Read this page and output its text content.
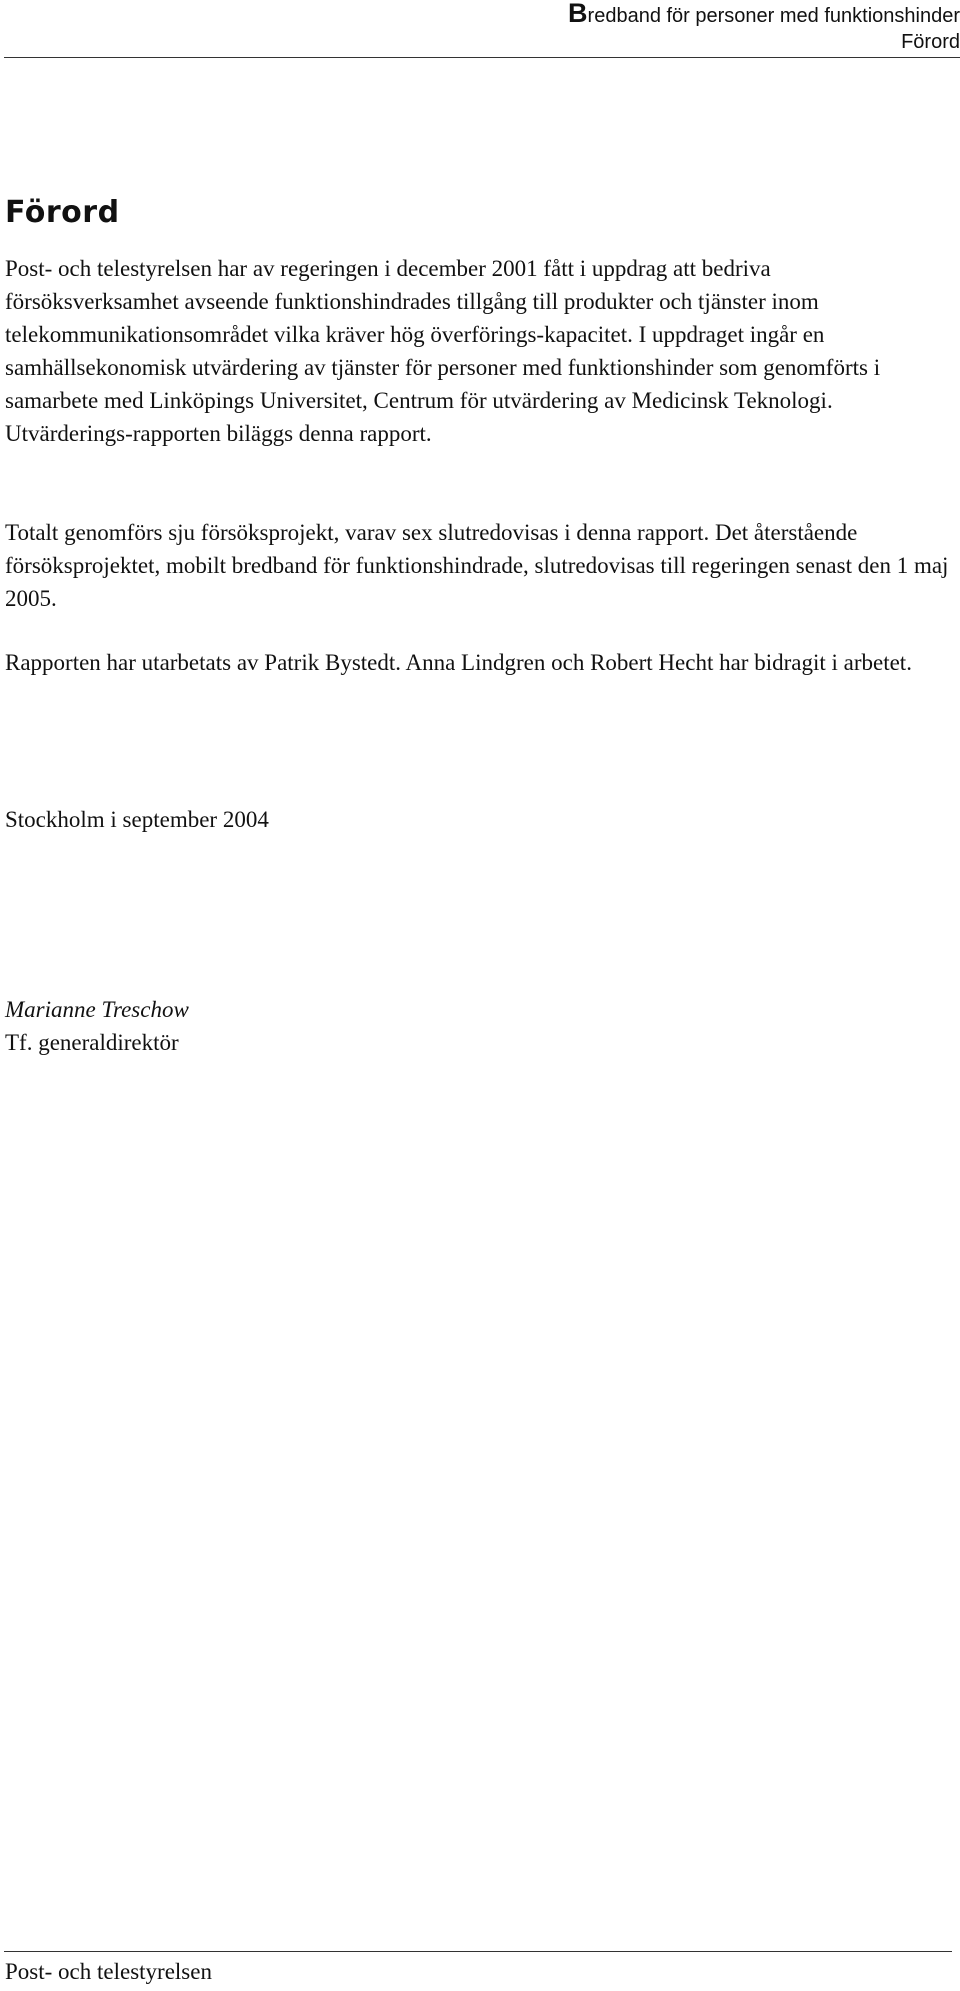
Bredband för personer med funktionshinder
Förord
Förord

Post- och telestyrelsen har av regeringen i december 2001 fått i uppdrag att bedriva försöksverksamhet avseende funktionshindrades tillgång till produkter och tjänster inom telekommunikationsområdet vilka kräver hög överförings-kapacitet. I uppdraget ingår en samhällsekonomisk utvärdering av tjänster för personer med funktionshinder som genomförts i samarbete med Linköpings Universitet, Centrum för utvärdering av Medicinsk Teknologi. Utvärderings-rapporten biläggs denna rapport.

Totalt genomförs sju försöksprojekt, varav sex slutredovisas i denna rapport. Det återstående försöksprojektet, mobilt bredband för funktionshindrade, slutredovisas till regeringen senast den 1 maj 2005.

Rapporten har utarbetats av Patrik Bystedt. Anna Lindgren och Robert Hecht har bidragit i arbetet.

Stockholm i september 2004
Marianne Treschow
Tf. generaldirektör
Post- och telestyrelsen
